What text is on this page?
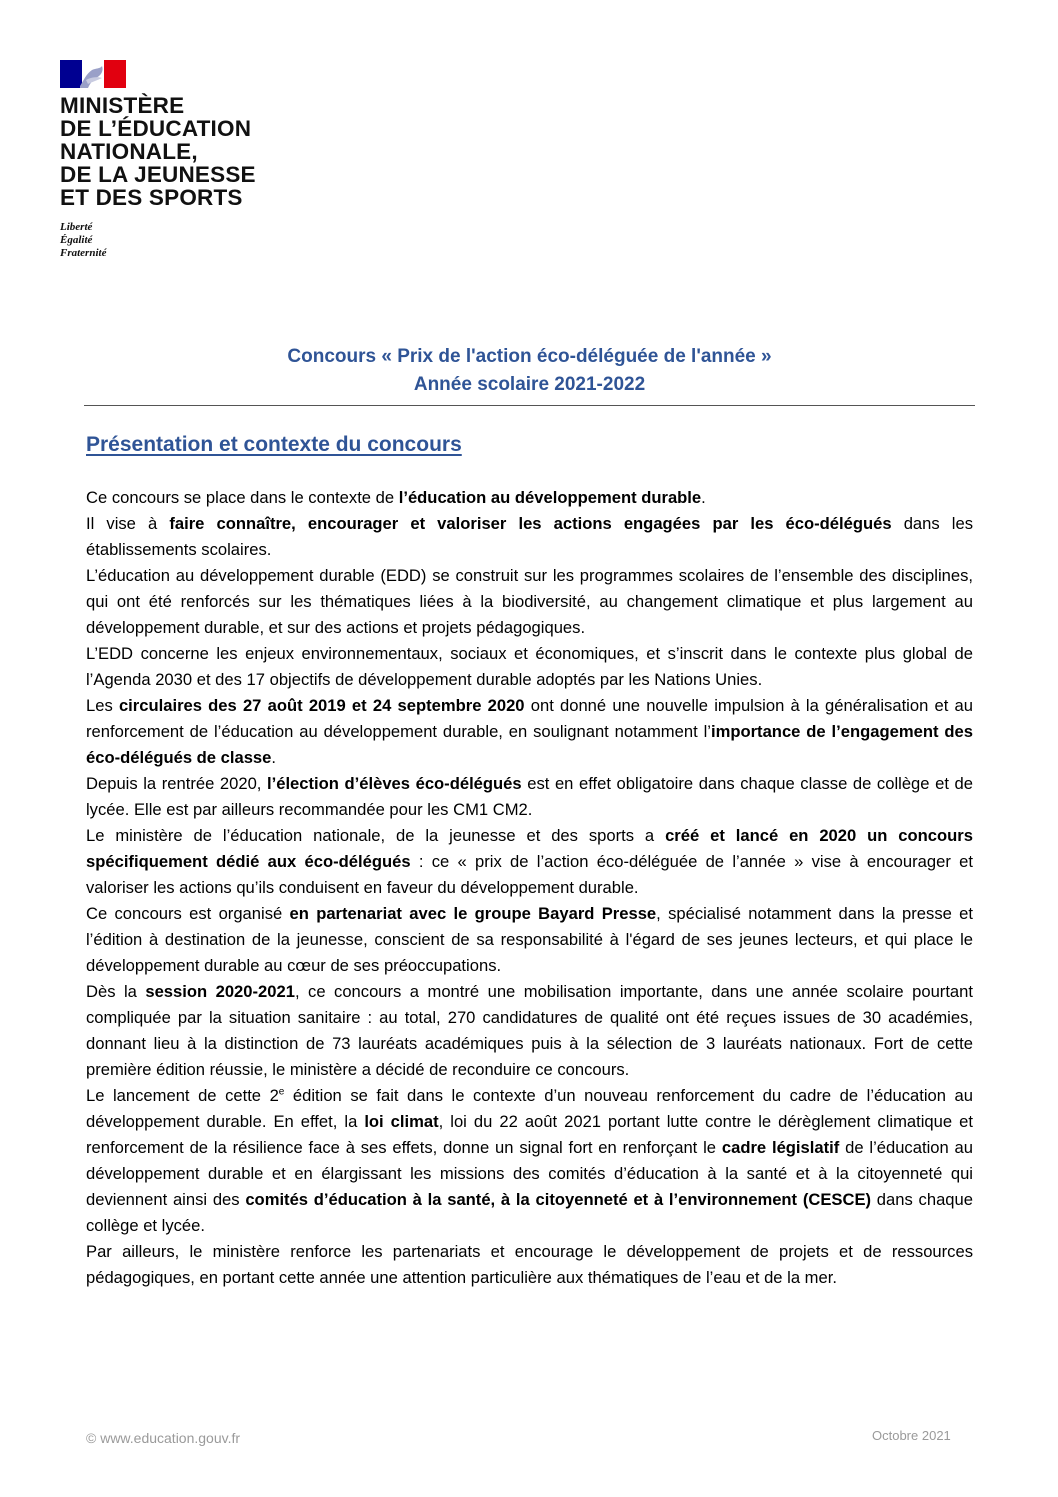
MINISTÈRE
DE L’ÉDUCATION
NATIONALE,
DE LA JEUNESSE
ET DES SPORTS
Liberté
Égalité
Fraternité
Concours « Prix de l'action éco-déléguée de l'année »
Année scolaire 2021-2022
Présentation et contexte du concours

Ce concours se place dans le contexte de l’éducation au développement durable.

Il vise à faire connaître, encourager et valoriser les actions engagées par les éco-délégués dans les établissements scolaires.

L’éducation au développement durable (EDD) se construit sur les programmes scolaires de l’ensemble des disciplines, qui ont été renforcés sur les thématiques liées à la biodiversité, au changement climatique et plus largement au développement durable, et sur des actions et projets pédagogiques.

L’EDD concerne les enjeux environnementaux, sociaux et économiques, et s’inscrit dans le contexte plus global de l’Agenda 2030 et des 17 objectifs de développement durable adoptés par les Nations Unies.

Les circulaires des 27 août 2019 et 24 septembre 2020 ont donné une nouvelle impulsion à la généralisation et au renforcement de l’éducation au développement durable, en soulignant notamment l’importance de l’engagement des éco-délégués de classe.

Depuis la rentrée 2020, l’élection d’élèves éco-délégués est en effet obligatoire dans chaque classe de collège et de lycée. Elle est par ailleurs recommandée pour les CM1 CM2.

Le ministère de l’éducation nationale, de la jeunesse et des sports a créé et lancé en 2020 un concours spécifiquement dédié aux éco-délégués : ce « prix de l’action éco-déléguée de l’année » vise à encourager et valoriser les actions qu’ils conduisent en faveur du développement durable.

Ce concours est organisé en partenariat avec le groupe Bayard Presse, spécialisé notamment dans la presse et l’édition à destination de la jeunesse, conscient de sa responsabilité à l'égard de ses jeunes lecteurs, et qui place le développement durable au cœur de ses préoccupations.

Dès la session 2020-2021, ce concours a montré une mobilisation importante, dans une année scolaire pourtant compliquée par la situation sanitaire : au total, 270 candidatures de qualité ont été reçues issues de 30 académies, donnant lieu à la distinction de 73 lauréats académiques puis à la sélection de 3 lauréats nationaux. Fort de cette première édition réussie, le ministère a décidé de reconduire ce concours.

Le lancement de cette 2e édition se fait dans le contexte d’un nouveau renforcement du cadre de l’éducation au développement durable. En effet, la loi climat, loi du 22 août 2021 portant lutte contre le dérèglement climatique et renforcement de la résilience face à ses effets, donne un signal fort en renforçant le cadre législatif de l’éducation au développement durable et en élargissant les missions des comités d’éducation à la santé et à la citoyenneté qui deviennent ainsi des comités d’éducation à la santé, à la citoyenneté et à l’environnement (CESCE) dans chaque collège et lycée.

Par ailleurs, le ministère renforce les partenariats et encourage le développement de projets et de ressources pédagogiques, en portant cette année une attention particulière aux thématiques de l’eau et de la mer.

© www.education.gouv.fr	Octobre 2021
